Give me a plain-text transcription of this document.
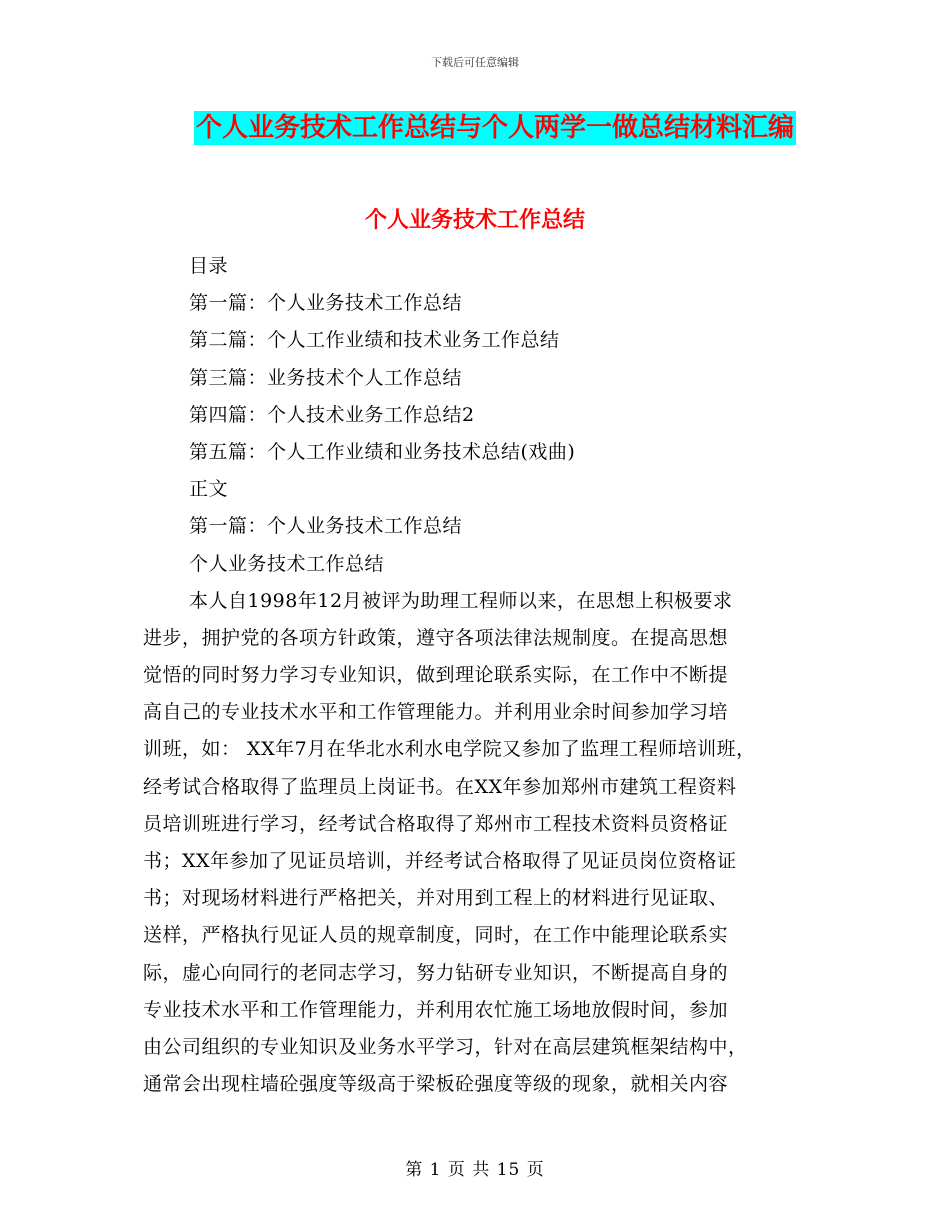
下载后可任意编辑
个人业务技术工作总结与个人两学一做总结材料汇编
个人业务技术工作总结
目录
第一篇：个人业务技术工作总结
第二篇：个人工作业绩和技术业务工作总结
第三篇：业务技术个人工作总结
第四篇：个人技术业务工作总结2
第五篇：个人工作业绩和业务技术总结(戏曲)
正文
第一篇：个人业务技术工作总结
个人业务技术工作总结
本人自1998年12月被评为助理工程师以来，在思想上积极要求
进步，拥护党的各项方针政策，遵守各项法律法规制度。在提高思想
觉悟的同时努力学习专业知识，做到理论联系实际，在工作中不断提
高自己的专业技术水平和工作管理能力。并利用业余时间参加学习培
训班，如： XX年7月在华北水利水电学院又参加了监理工程师培训班，
经考试合格取得了监理员上岗证书。在XX年参加郑州市建筑工程资料
员培训班进行学习，经考试合格取得了郑州市工程技术资料员资格证
书；XX年参加了见证员培训，并经考试合格取得了见证员岗位资格证
书；对现场材料进行严格把关，并对用到工程上的材料进行见证取、
送样，严格执行见证人员的规章制度，同时，在工作中能理论联系实
际，虚心向同行的老同志学习，努力钻研专业知识，不断提高自身的
专业技术水平和工作管理能力，并利用农忙施工场地放假时间，参加
由公司组织的专业知识及业务水平学习，针对在高层建筑框架结构中，
通常会出现柱墙砼强度等级高于梁板砼强度等级的现象，就相关内容
第 1 页 共 15 页
